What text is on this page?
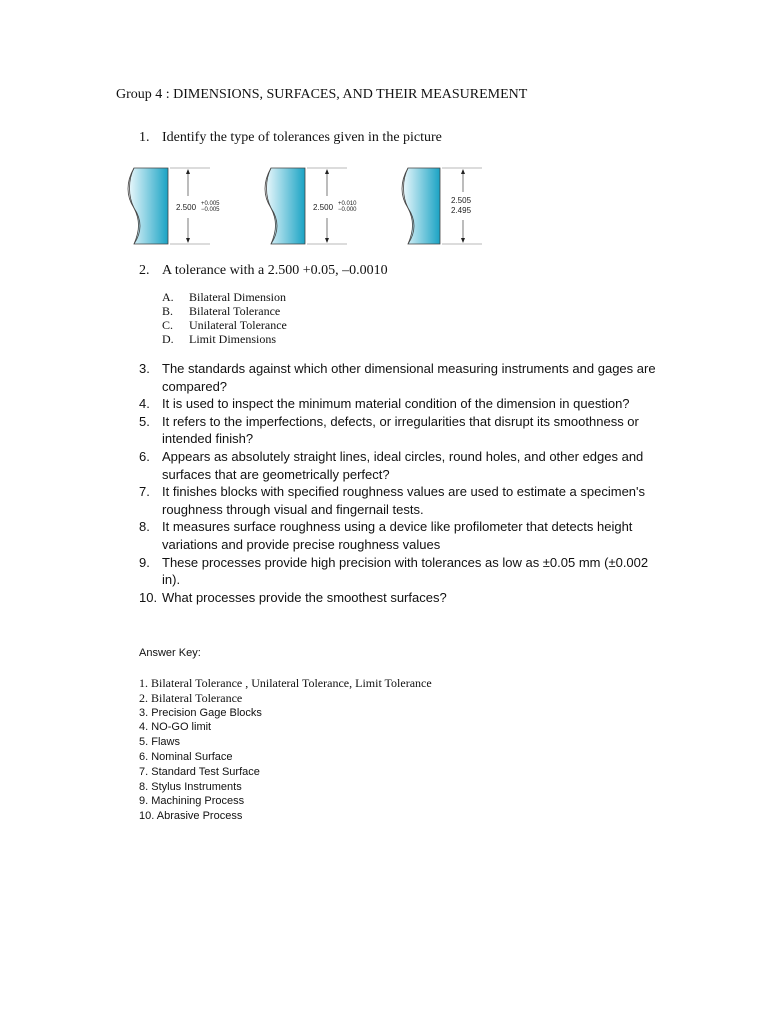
Group 4 : DIMENSIONS, SURFACES, AND THEIR MEASUREMENT
1. Identify the type of tolerances given in the picture
2.500 +0.005
−0.005	2.500 +0.010
−0.000
2.505
2.495
2. A tolerance with a 2.500 +0.05, –0.0010
A. Bilateral Dimension
B. Bilateral Tolerance
C. Unilateral Tolerance
D. Limit Dimensions
3. The standards against which other dimensional measuring instruments and gages are compared?
4. It is used to inspect the minimum material condition of the dimension in question?
5. It refers to the imperfections, defects, or irregularities that disrupt its smoothness or intended finish?
6. Appears as absolutely straight lines, ideal circles, round holes, and other edges and surfaces that are geometrically perfect?
7. It finishes blocks with specified roughness values are used to estimate a specimen's roughness through visual and fingernail tests.
8. It measures surface roughness using a device like profilometer that detects height variations and provide precise roughness values
9. These processes provide high precision with tolerances as low as ±0.05 mm (±0.002 in).
10. What processes provide the smoothest surfaces?
Answer Key:
1. Bilateral Tolerance , Unilateral Tolerance, Limit Tolerance
2. Bilateral Tolerance
3. Precision Gage Blocks
4. NO-GO limit
5. Flaws
6. Nominal Surface
7. Standard Test Surface
8. Stylus Instruments
9. Machining Process
10. Abrasive Process
